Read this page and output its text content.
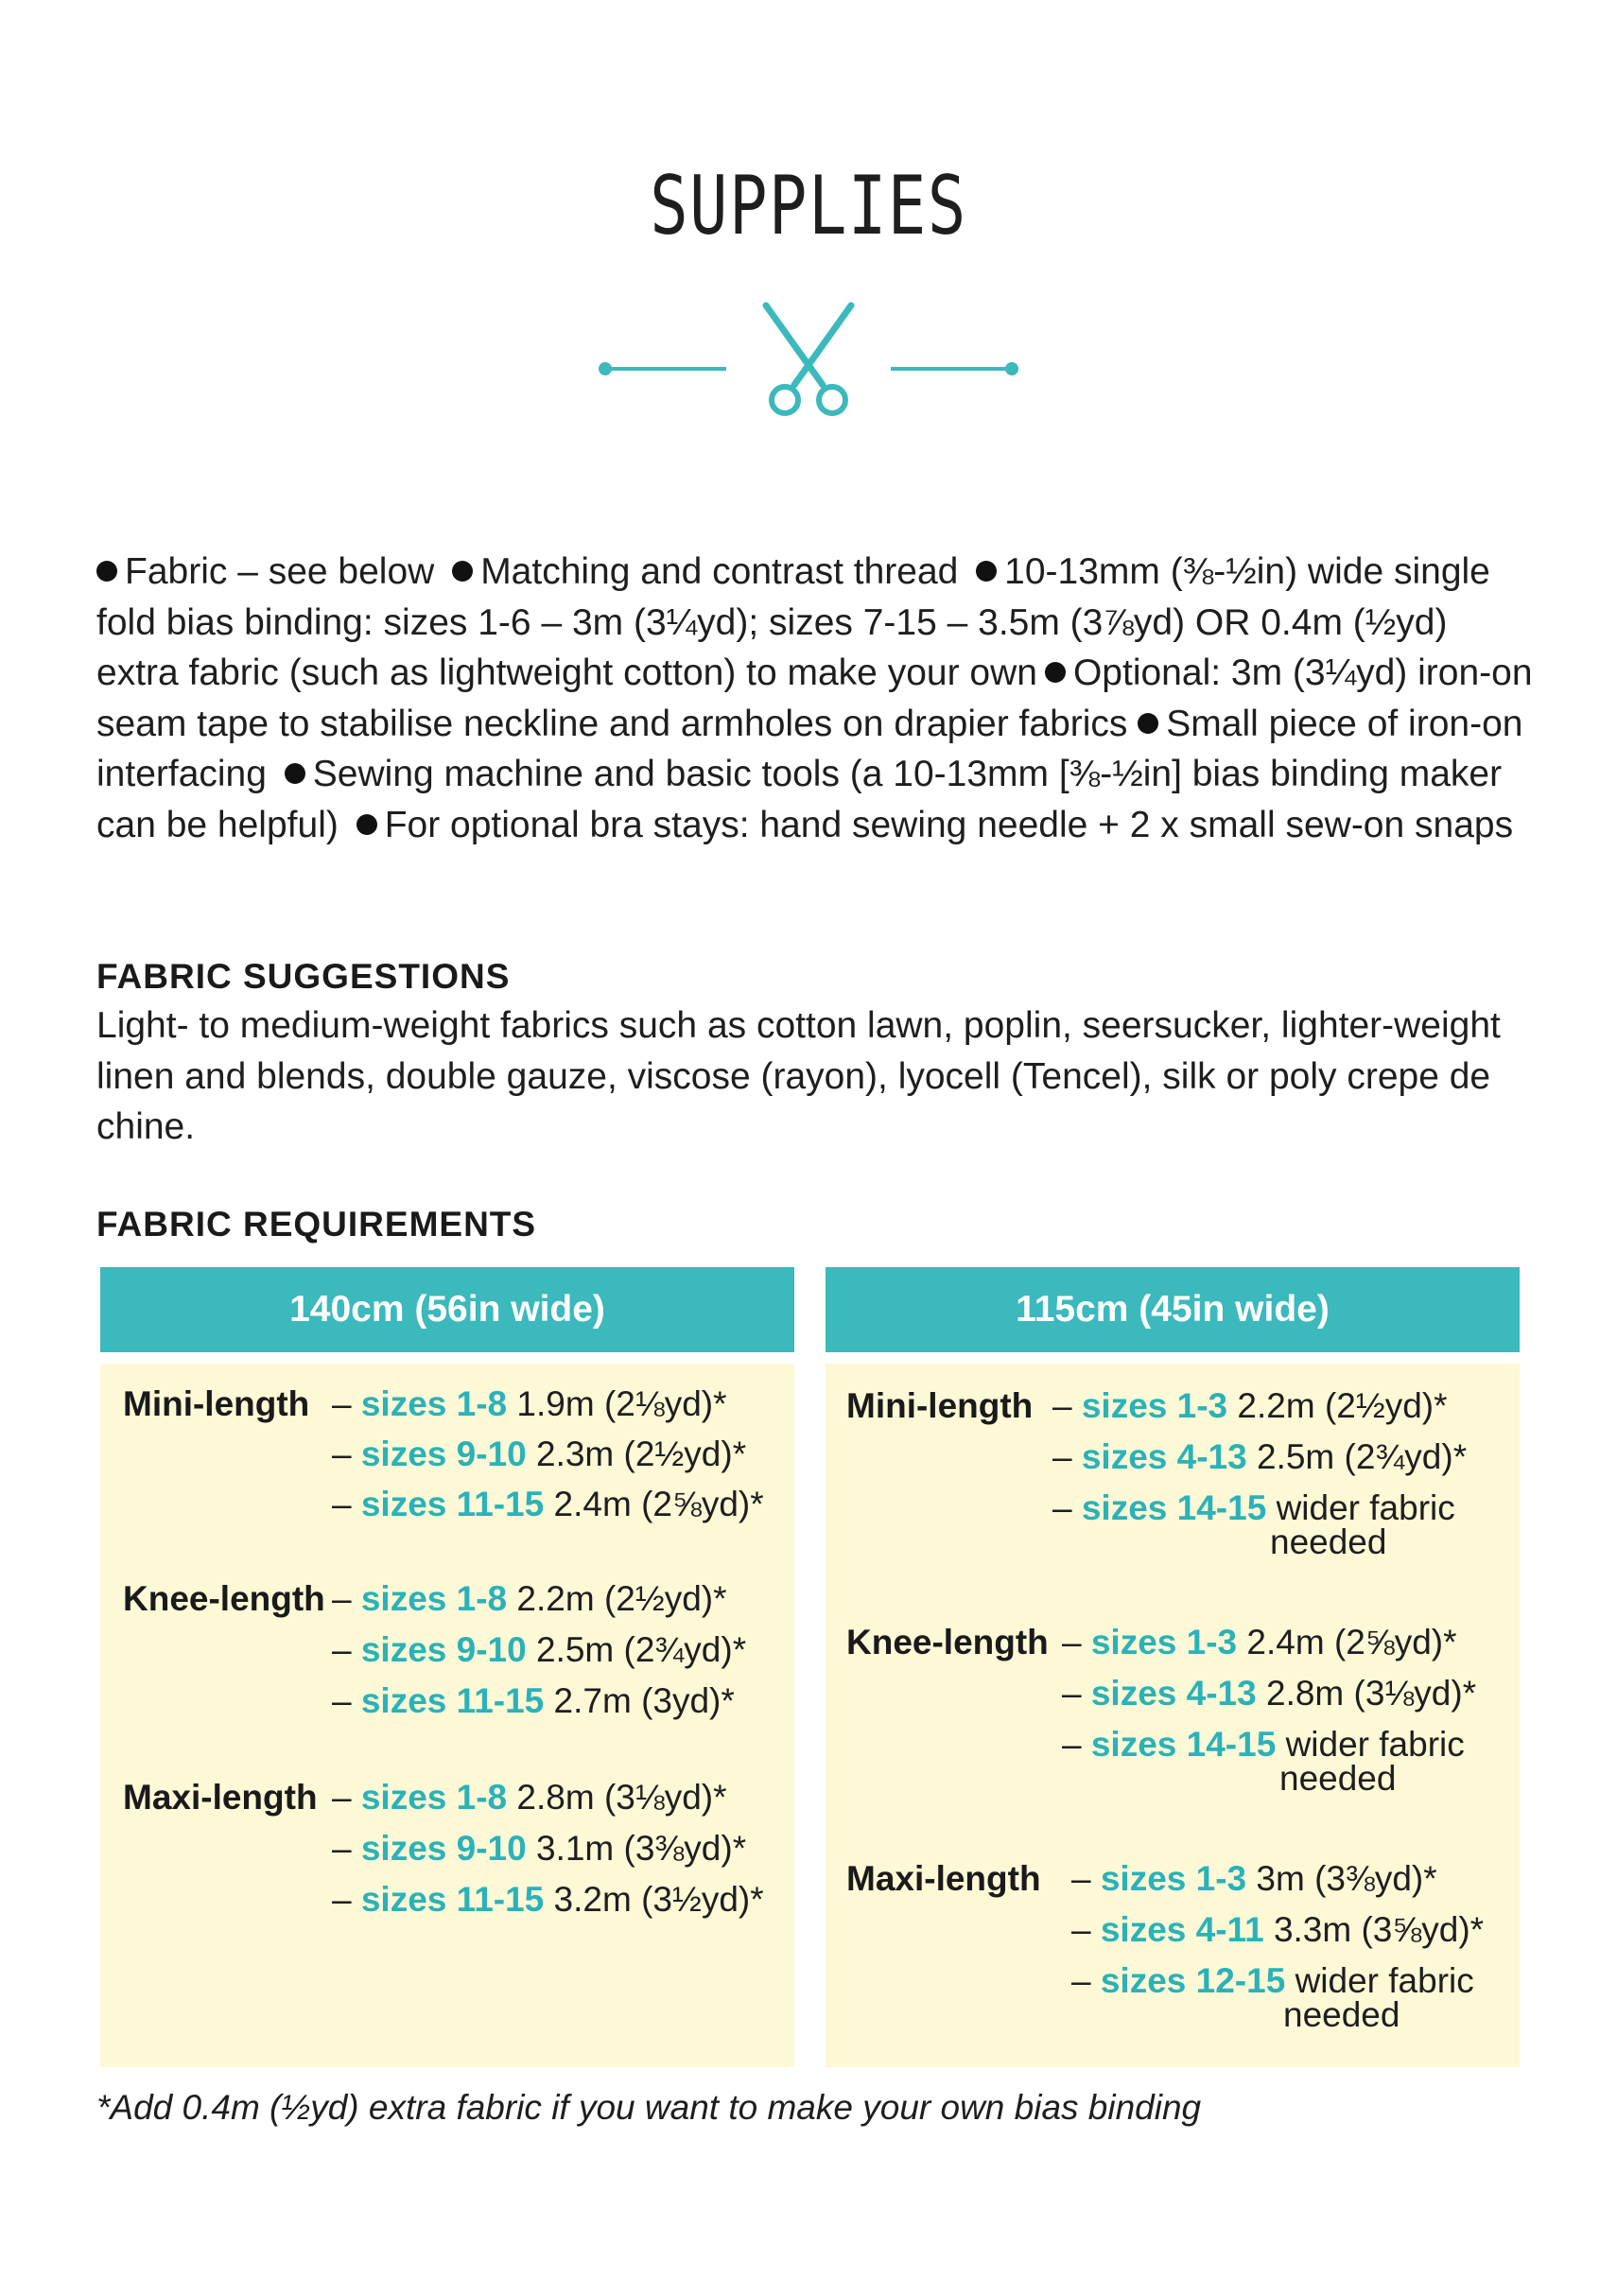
SUPPLIES
Fabric – see below Matching and contrast thread 10-13mm (⅜-½in) wide single fold bias binding: sizes 1-6 – 3m (3¼yd); sizes 7-15 – 3.5m (3⅞yd) OR 0.4m (½yd) extra fabric (such as lightweight cotton) to make your own Optional: 3m (3¼yd) iron-on seam tape to stabilise neckline and armholes on drapier fabrics Small piece of iron-on interfacing Sewing machine and basic tools (a 10-13mm [⅜-½in] bias binding maker can be helpful) For optional bra stays: hand sewing needle + 2 x small sew-on snaps
FABRIC SUGGESTIONS
Light- to medium-weight fabrics such as cotton lawn, poplin, seersucker, lighter-weight linen and blends, double gauze, viscose (rayon), lyocell (Tencel), silk or poly crepe de chine.
FABRIC REQUIREMENTS
140cm (56in wide)
Mini-length – sizes 1-8 1.9m (2⅛yd)*
– sizes 9-10 2.3m (2½yd)*
– sizes 11-15 2.4m (2⅝yd)*
Knee-length – sizes 1-8 2.2m (2½yd)*
– sizes 9-10 2.5m (2¾yd)*
– sizes 11-15 2.7m (3yd)*
Maxi-length – sizes 1-8 2.8m (3⅛yd)*
– sizes 9-10 3.1m (3⅜yd)*
– sizes 11-15 3.2m (3½yd)*
115cm (45in wide)
Mini-length – sizes 1-3 2.2m (2½yd)*
– sizes 4-13 2.5m (2¾yd)*
– sizes 14-15 wider fabric
needed
Knee-length – sizes 1-3 2.4m (2⅝yd)*
– sizes 4-13 2.8m (3⅛yd)*
– sizes 14-15 wider fabric
needed
Maxi-length – sizes 1-3 3m (3⅜yd)*
– sizes 4-11 3.3m (3⅝yd)*
– sizes 12-15 wider fabric
needed
*Add 0.4m (½yd) extra fabric if you want to make your own bias binding
